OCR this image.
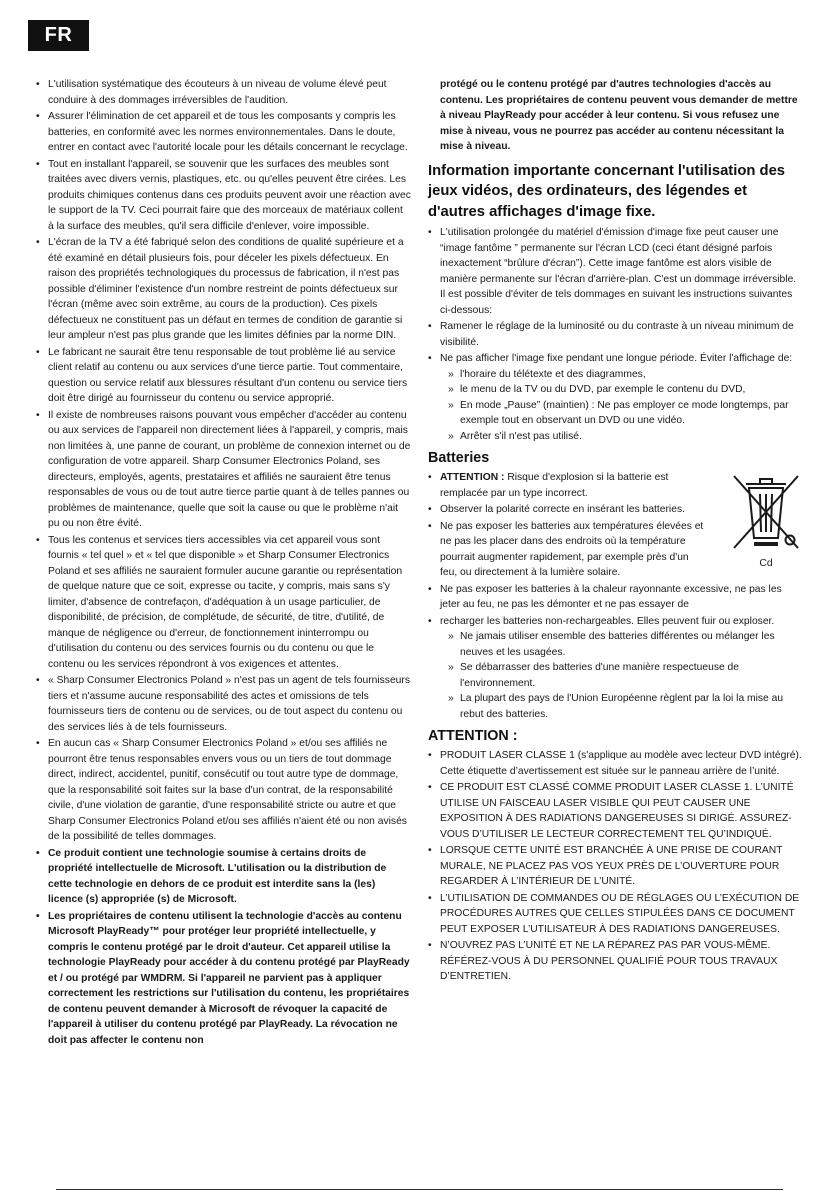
FR
• L'utilisation systématique des écouteurs à un niveau de volume élevé peut conduire à des dommages irréversibles de l'audition.
• Assurer l'élimination de cet appareil et de tous les composants y compris les batteries, en conformité avec les normes environnementales. Dans le doute, entrer en contact avec l'autorité locale pour les détails concernant le recyclage.
• Tout en installant l'appareil, se souvenir que les surfaces des meubles sont traitées avec divers vernis, plastiques, etc. ou qu'elles peuvent être cirées. Les produits chimiques contenus dans ces produits peuvent avoir une réaction avec le support de la TV. Ceci pourrait faire que des morceaux de matériaux collent à la surface des meubles, qu'il sera difficile d'enlever, voire impossible.
• L'écran de la TV a été fabriqué selon des conditions de qualité supérieure et a été examiné en détail plusieurs fois, pour déceler les pixels défectueux. En raison des propriétés technologiques du processus de fabrication, il n'est pas possible d'éliminer l'existence d'un nombre restreint de points défectueux sur l'écran (même avec soin extrême, au cours de la production). Ces pixels défectueux ne constituent pas un défaut en termes de condition de garantie si leur ampleur n'est pas plus grande que les limites définies par la norme DIN.
• Le fabricant ne saurait être tenu responsable de tout problème lié au service client relatif au contenu ou aux services d'une tierce partie. Tout commentaire, question ou service relatif aux blessures résultant d'un contenu ou service tiers doit être dirigé au fournisseur du contenu ou service approprié.
• Il existe de nombreuses raisons pouvant vous empêcher d'accéder au contenu ou aux services de l'appareil non directement liées à l'appareil, y compris, mais non limitées à, une panne de courant, un problème de connexion internet ou de configuration de votre appareil. Sharp Consumer Electronics Poland, ses directeurs, employés, agents, prestataires et affiliés ne sauraient être tenus responsables de vous ou de tout autre tierce partie quant à de telles pannes ou problèmes de maintenance, quelle que soit la cause ou que le problème n'ait pu ou non être évité.
• Tous les contenus et services tiers accessibles via cet appareil vous sont fournis « tel quel » et « tel que disponible » et Sharp Consumer Electronics Poland et ses affiliés ne sauraient formuler aucune garantie ou représentation de quelque nature que ce soit, expresse ou tacite, y compris, mais sans s'y limiter, d'absence de contrefaçon, d'adéquation à un usage particulier, de disponibilité, de précision, de complétude, de sécurité, de titre, d'utilité, de manque de négligence ou d'erreur, de fonctionnement ininterrompu ou d'utilisation du contenu ou des services fournis ou du contenu ou que le contenu ou les services répondront à vos exigences et attentes.
• « Sharp Consumer Electronics Poland » n'est pas un agent de tels fournisseurs tiers et n'assume aucune responsabilité des actes et omissions de tels fournisseurs tiers de contenu ou de services, ou de tout aspect du contenu ou des services liés à de tels fournisseurs.
• En aucun cas « Sharp Consumer Electronics Poland » et/ou ses affiliés ne pourront être tenus responsables envers vous ou un tiers de tout dommage direct, indirect, accidentel, punitif, consécutif ou tout autre type de dommage, que la responsabilité soit faites sur la base d'un contrat, de la responsabilité civile, d'une violation de garantie, d'une responsabilité stricte ou autre et que Sharp Consumer Electronics Poland et/ou ses affiliés n'aient été ou non avisés de la possibilité de telles dommages.
• Ce produit contient une technologie soumise à certains droits de propriété intellectuelle de Microsoft. L'utilisation ou la distribution de cette technologie en dehors de ce produit est interdite sans la (les) licence (s) appropriée (s) de Microsoft.
• Les propriétaires de contenu utilisent la technologie d'accès au contenu Microsoft PlayReady™ pour protéger leur propriété intellectuelle, y compris le contenu protégé par le droit d'auteur. Cet appareil utilise la technologie PlayReady pour accéder à du contenu protégé par PlayReady et / ou protégé par WMDRM. Si l'appareil ne parvient pas à appliquer correctement les restrictions sur l'utilisation du contenu, les propriétaires de contenu peuvent demander à Microsoft de révoquer la capacité de l'appareil à utiliser du contenu protégé par PlayReady. La révocation ne doit pas affecter le contenu non
protégé ou le contenu protégé par d'autres technologies d'accès au contenu. Les propriétaires de contenu peuvent vous demander de mettre à niveau PlayReady pour accéder à leur contenu. Si vous refusez une mise à niveau, vous ne pourrez pas accéder au contenu nécessitant la mise à niveau.
Information importante concernant l'utilisation des jeux vidéos, des ordinateurs, des légendes et d'autres affichages d'image fixe.
• L'utilisation prolongée du matériel d'émission d'image fixe peut causer une “image fantôme ” permanente sur l'écran LCD (ceci étant désigné parfois inexactement “brûlure d'écran”). Cette image fantôme est alors visible de manière permanente sur l'écran d'arrière-plan. C'est un dommage irréversible. Il est possible d'éviter de tels dommages en suivant les instructions suivantes ci-dessous:
• Ramener le réglage de la luminosité ou du contraste à un niveau minimum de visibilité.
• Ne pas afficher l'image fixe pendant une longue période. Éviter l'affichage de:
» l'horaire du télétexte et des diagrammes,
» le menu de la TV ou du DVD, par exemple le contenu du DVD,
» En mode „Pause” (maintien) : Ne pas employer ce mode longtemps, par exemple tout en observant un DVD ou une vidéo.
» Arrêter s'il n'est pas utilisé.
Batteries
Cd
• ATTENTION : Risque d'explosion si la batterie est remplacée par un type incorrect.
• Observer la polarité correcte en insérant les batteries.
• Ne pas exposer les batteries aux températures élevées et ne pas les placer dans des endroits où la température pourrait augmenter rapidement, par exemple près d'un feu, ou directement à la lumière solaire.
• Ne pas exposer les batteries à la chaleur rayonnante excessive, ne pas les jeter au feu, ne pas les démonter et ne pas essayer de
• recharger les batteries non-rechargeables. Elles peuvent fuir ou exploser.
» Ne jamais utiliser ensemble des batteries différentes ou mélanger les neuves et les usagées.
» Se débarrasser des batteries d'une manière respectueuse de l'environnement.
» La plupart des pays de l'Union Européenne règlent par la loi la mise au rebut des batteries.
ATTENTION :
• PRODUIT LASER CLASSE 1 (s'applique au modèle avec lecteur DVD intégré). Cette étiquette d’avertissement est située sur le panneau arrière de l’unité.
• CE PRODUIT EST CLASSÉ COMME PRODUIT LASER CLASSE 1. L’UNITÉ UTILISE UN FAISCEAU LASER VISIBLE QUI PEUT CAUSER UNE EXPOSITION À DES RADIATIONS DANGEREUSES SI DIRIGÉ. ASSUREZ-VOUS D’UTILISER LE LECTEUR CORRECTEMENT TEL QU’INDIQUÉ.
• LORSQUE CETTE UNITÉ EST BRANCHÉE À UNE PRISE DE COURANT MURALE, NE PLACEZ PAS VOS YEUX PRÈS DE L’OUVERTURE POUR REGARDER À L’INTÉRIEUR DE L’UNITÉ.
• L’UTILISATION DE COMMANDES OU DE RÉGLAGES OU L’EXÉCUTION DE PROCÉDURES AUTRES QUE CELLES STIPULÉES DANS CE DOCUMENT PEUT EXPOSER L’UTILISATEUR À DES RADIATIONS DANGEREUSES.
• N’OUVREZ PAS L’UNITÉ ET NE LA RÉPAREZ PAS PAR VOUS-MÊME. RÉFÉREZ-VOUS À DU PERSONNEL QUALIFIÉ POUR TOUS TRAVAUX D’ENTRETIEN.
